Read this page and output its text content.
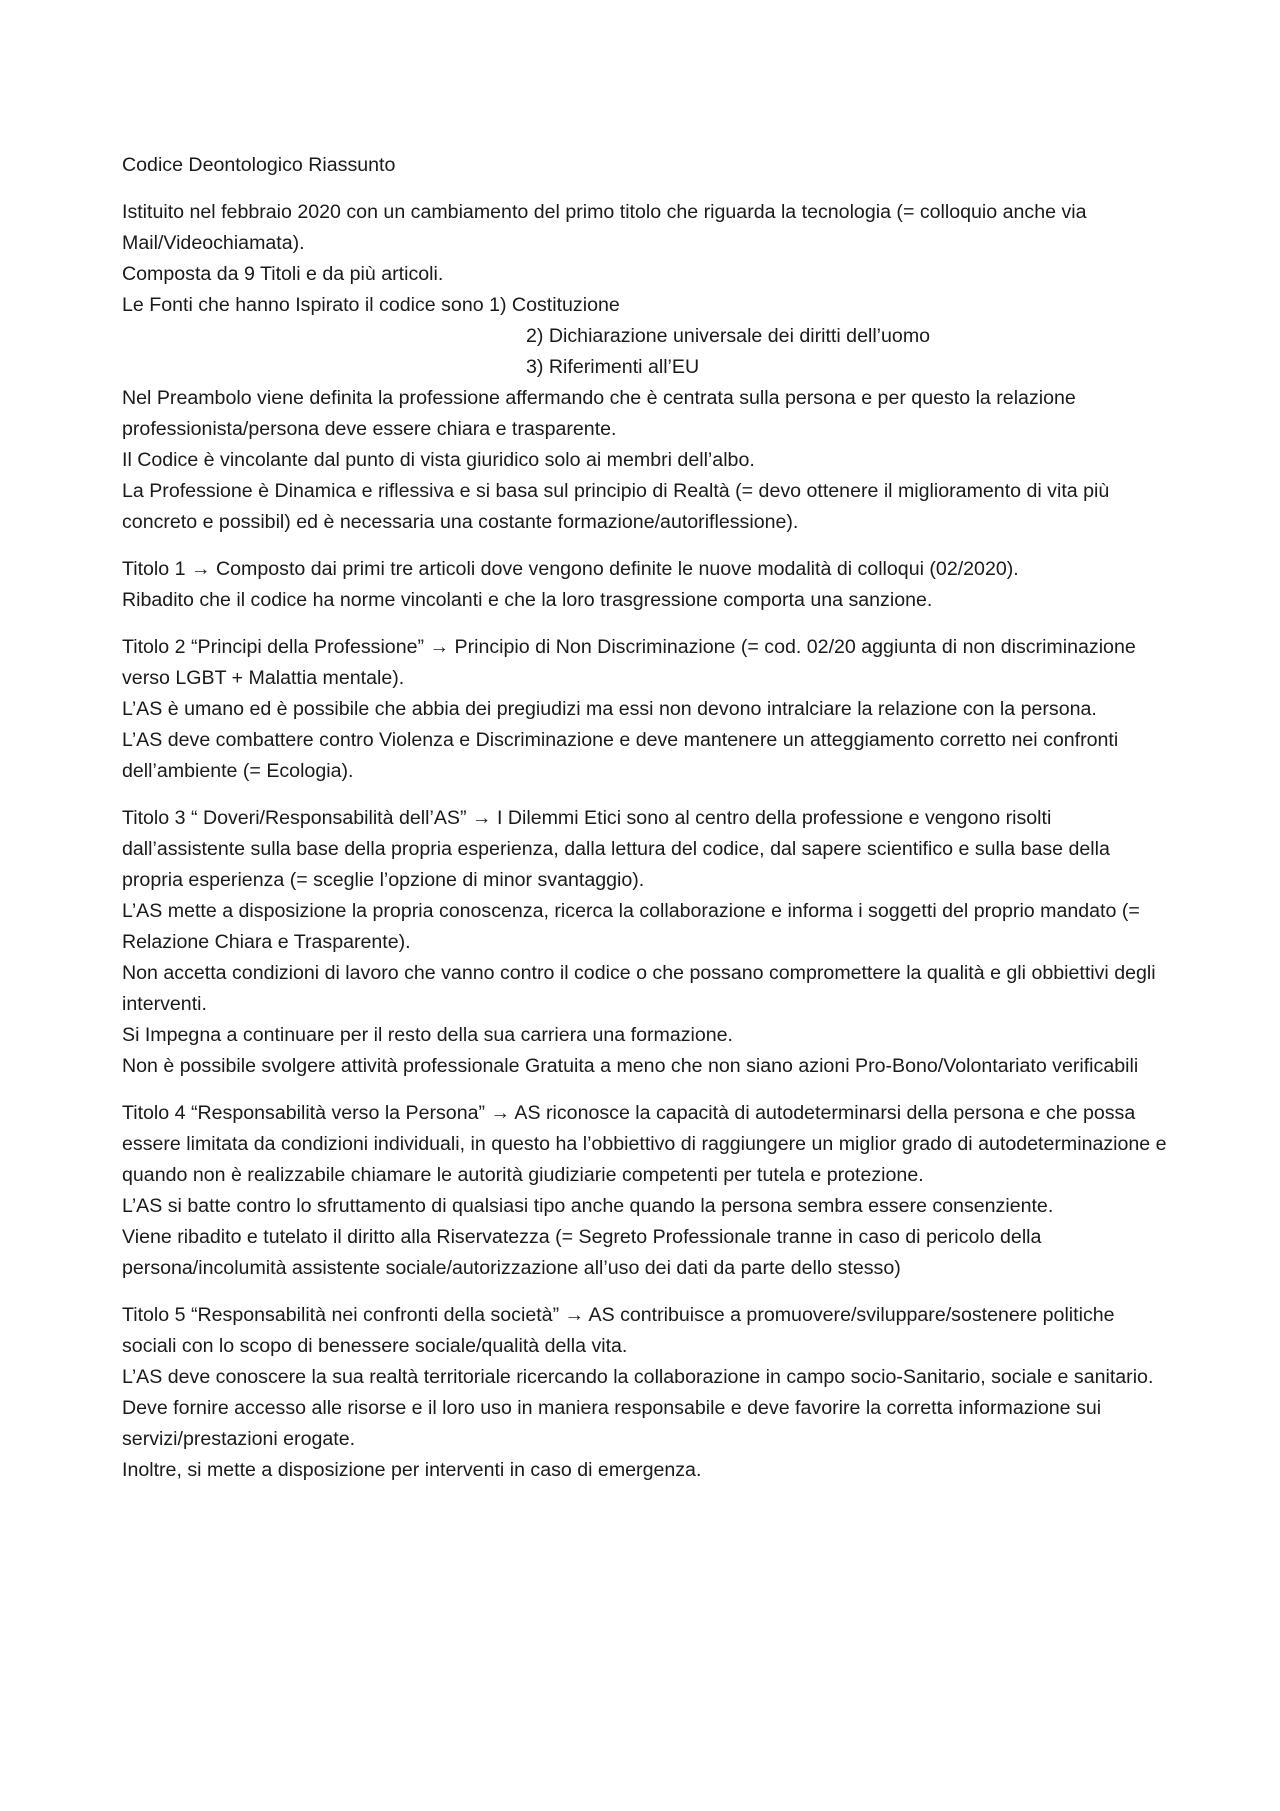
Codice Deontologico Riassunto

Istituito nel febbraio 2020 con un cambiamento del primo titolo che riguarda la tecnologia (= colloquio anche via Mail/Videochiamata).

Composta da 9 Titoli e da più articoli.

Le Fonti che hanno Ispirato il codice sono 1) Costituzione

2) Dichiarazione universale dei diritti dell’uomo

3) Riferimenti all’EU

Nel Preambolo viene definita la professione affermando che è centrata sulla persona e per questo la relazione professionista/persona deve essere chiara e trasparente.

Il Codice è vincolante dal punto di vista giuridico solo ai membri dell’albo.

La Professione è Dinamica e riflessiva e si basa sul principio di Realtà (= devo ottenere il miglioramento di vita più concreto e possibil) ed è necessaria una costante formazione/autoriflessione).

Titolo 1 → Composto dai primi tre articoli dove vengono definite le nuove modalità di colloqui (02/2020).

Ribadito che il codice ha norme vincolanti e che la loro trasgressione comporta una sanzione.

Titolo 2 “Principi della Professione” → Principio di Non Discriminazione (= cod. 02/20 aggiunta di non discriminazione verso LGBT + Malattia mentale).

L’AS è umano ed è possibile che abbia dei pregiudizi ma essi non devono intralciare la relazione con la persona.

L’AS deve combattere contro Violenza e Discriminazione e deve mantenere un atteggiamento corretto nei confronti dell’ambiente (= Ecologia).

Titolo 3 “ Doveri/Responsabilità dell’AS” → I Dilemmi Etici sono al centro della professione e vengono risolti dall’assistente sulla base della propria esperienza, dalla lettura del codice, dal sapere scientifico e sulla base della propria esperienza (= sceglie l’opzione di minor svantaggio).

L’AS mette a disposizione la propria conoscenza, ricerca la collaborazione e informa i soggetti del proprio mandato (= Relazione Chiara e Trasparente).

Non accetta condizioni di lavoro che vanno contro il codice o che possano compromettere la qualità e gli obbiettivi degli interventi.

Si Impegna a continuare per il resto della sua carriera una formazione.

Non è possibile svolgere attività professionale Gratuita a meno che non siano azioni Pro-Bono/Volontariato verificabili

Titolo 4 “Responsabilità verso la Persona” → AS riconosce la capacità di autodeterminarsi della persona e che possa essere limitata da condizioni individuali, in questo ha l’obbiettivo di raggiungere un miglior grado di autodeterminazione e quando non è realizzabile chiamare le autorità giudiziarie competenti per tutela e protezione.

L’AS si batte contro lo sfruttamento di qualsiasi tipo anche quando la persona sembra essere consenziente.

Viene ribadito e tutelato il diritto alla Riservatezza (= Segreto Professionale tranne in caso di pericolo della persona/incolumità assistente sociale/autorizzazione all’uso dei dati da parte dello stesso)

Titolo 5 “Responsabilità nei confronti della società” → AS contribuisce a promuovere/sviluppare/sostenere politiche sociali con lo scopo di benessere sociale/qualità della vita.

L’AS deve conoscere la sua realtà territoriale ricercando la collaborazione in campo socio-Sanitario, sociale e sanitario.

Deve fornire accesso alle risorse e il loro uso in maniera responsabile e deve favorire la corretta informazione sui servizi/prestazioni erogate.

Inoltre, si mette a disposizione per interventi in caso di emergenza.
